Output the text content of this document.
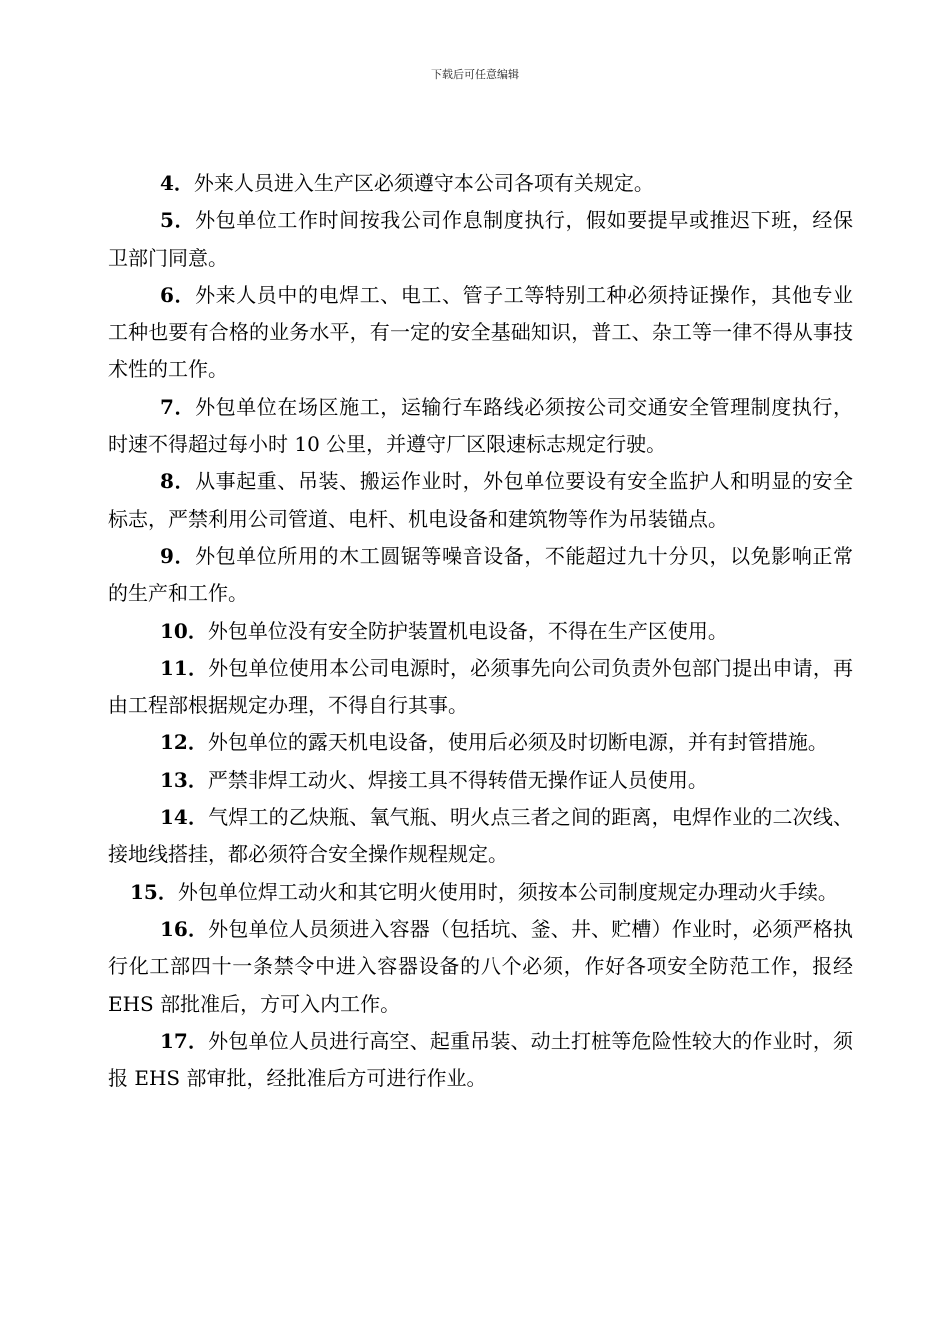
下载后可任意编辑

4．外来人员进入生产区必须遵守本公司各项有关规定。

5．外包单位工作时间按我公司作息制度执行，假如要提早或推迟下班，经保卫部门同意。

6．外来人员中的电焊工、电工、管子工等特别工种必须持证操作，其他专业工种也要有合格的业务水平，有一定的安全基础知识，普工、杂工等一律不得从事技术性的工作。

7．外包单位在场区施工，运输行车路线必须按公司交通安全管理制度执行，时速不得超过每小时 10 公里，并遵守厂区限速标志规定行驶。

8．从事起重、吊装、搬运作业时，外包单位要设有安全监护人和明显的安全标志，严禁利用公司管道、电杆、机电设备和建筑物等作为吊装锚点。

9．外包单位所用的木工圆锯等噪音设备，不能超过九十分贝，以免影响正常的生产和工作。

10．外包单位没有安全防护装置机电设备，不得在生产区使用。

11．外包单位使用本公司电源时，必须事先向公司负责外包部门提出申请，再由工程部根据规定办理，不得自行其事。

12．外包单位的露天机电设备，使用后必须及时切断电源，并有封管措施。

13．严禁非焊工动火、焊接工具不得转借无操作证人员使用。

14．气焊工的乙炔瓶、氧气瓶、明火点三者之间的距离，电焊作业的二次线、接地线搭挂，都必须符合安全操作规程规定。

15．外包单位焊工动火和其它明火使用时，须按本公司制度规定办理动火手续。

16．外包单位人员须进入容器（包括坑、釜、井、贮槽）作业时，必须严格执行化工部四十一条禁令中进入容器设备的八个必须，作好各项安全防范工作，报经 EHS 部批准后，方可入内工作。

17．外包单位人员进行高空、起重吊装、动土打桩等危险性较大的作业时，须报 EHS 部审批，经批准后方可进行作业。
